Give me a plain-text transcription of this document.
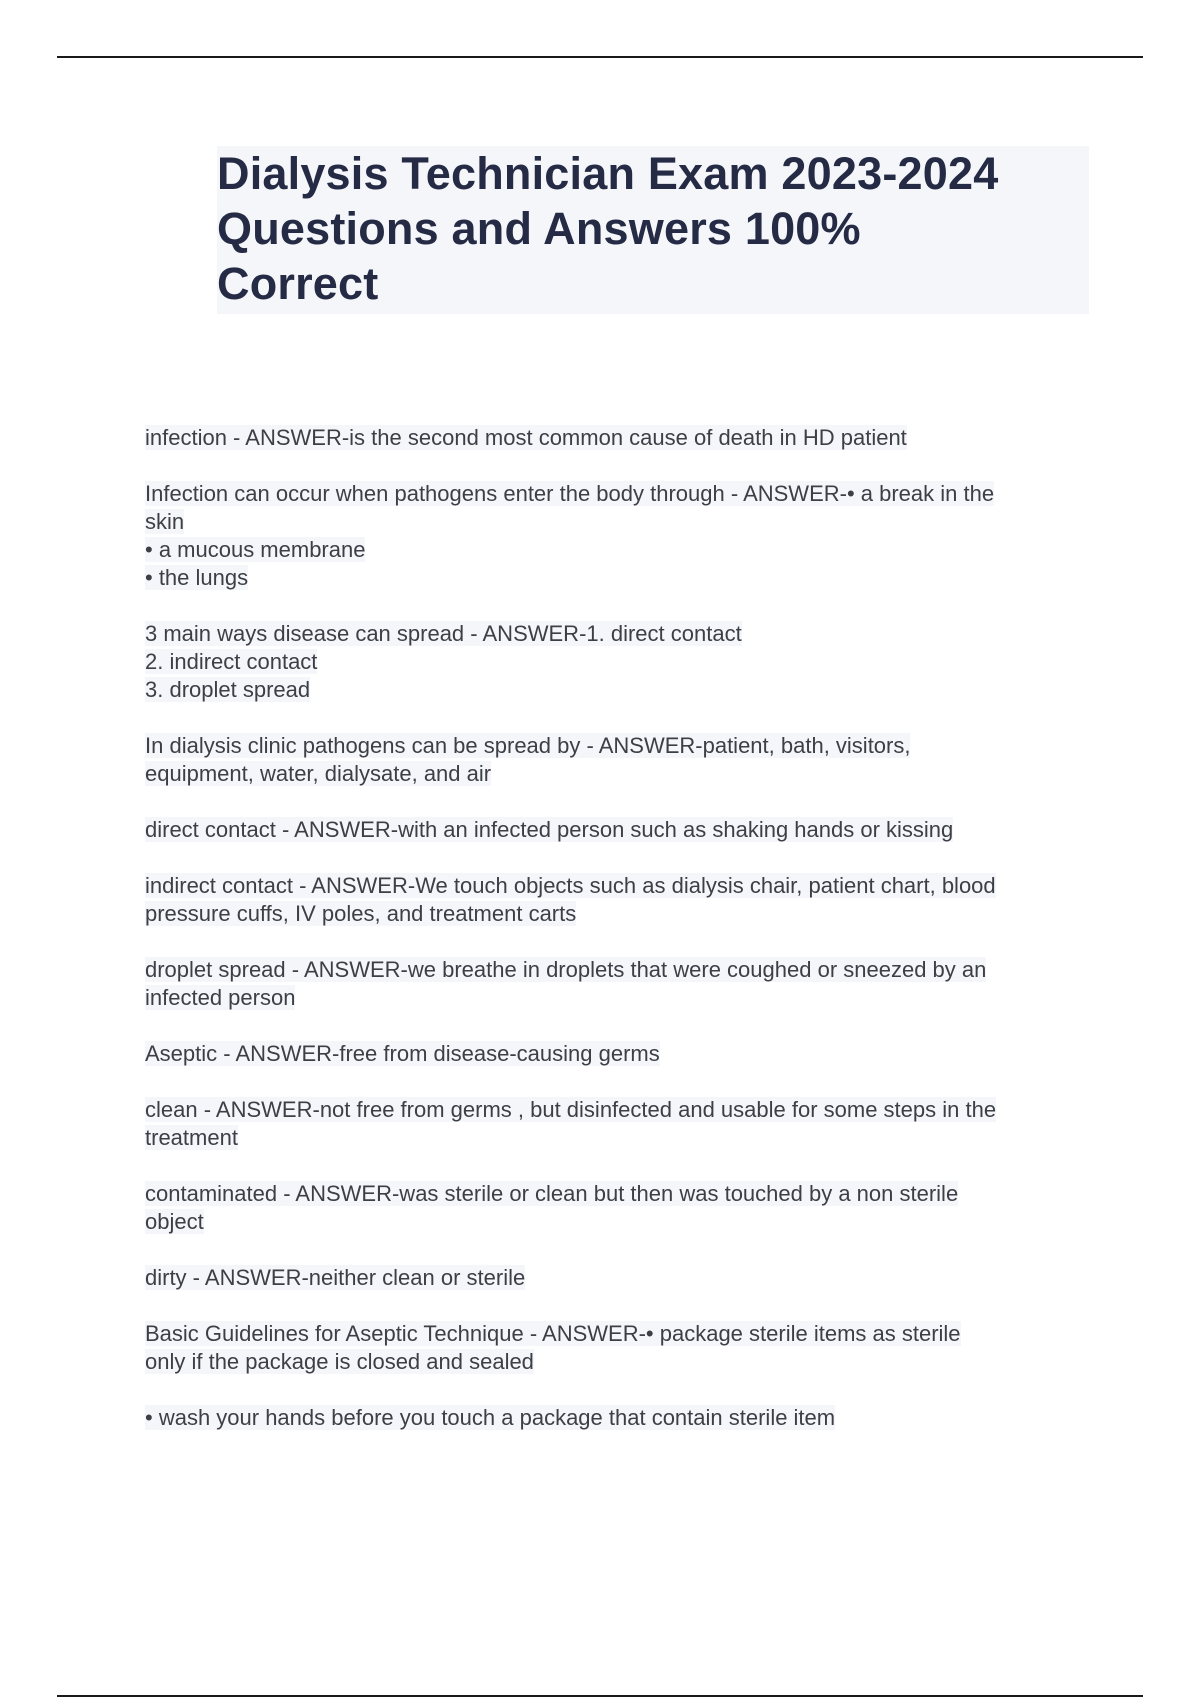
Dialysis Technician Exam 2023-2024
Questions and Answers 100%
Correct

infection - ANSWER-is the second most common cause of death in HD patient

Infection can occur when pathogens enter the body through - ANSWER-• a break in the
skin
• a mucous membrane
• the lungs

3 main ways disease can spread - ANSWER-1. direct contact
2. indirect contact
3. droplet spread

In dialysis clinic pathogens can be spread by - ANSWER-patient, bath, visitors,
equipment, water, dialysate, and air

direct contact - ANSWER-with an infected person such as shaking hands or kissing

indirect contact - ANSWER-We touch objects such as dialysis chair, patient chart, blood
pressure cuffs, IV poles, and treatment carts

droplet spread - ANSWER-we breathe in droplets that were coughed or sneezed by an
infected person

Aseptic - ANSWER-free from disease-causing germs

clean - ANSWER-not free from germs , but disinfected and usable for some steps in the
treatment

contaminated - ANSWER-was sterile or clean but then was touched by a non sterile
object

dirty - ANSWER-neither clean or sterile

Basic Guidelines for Aseptic Technique - ANSWER-• package sterile items as sterile
only if the package is closed and sealed

• wash your hands before you touch a package that contain sterile item
